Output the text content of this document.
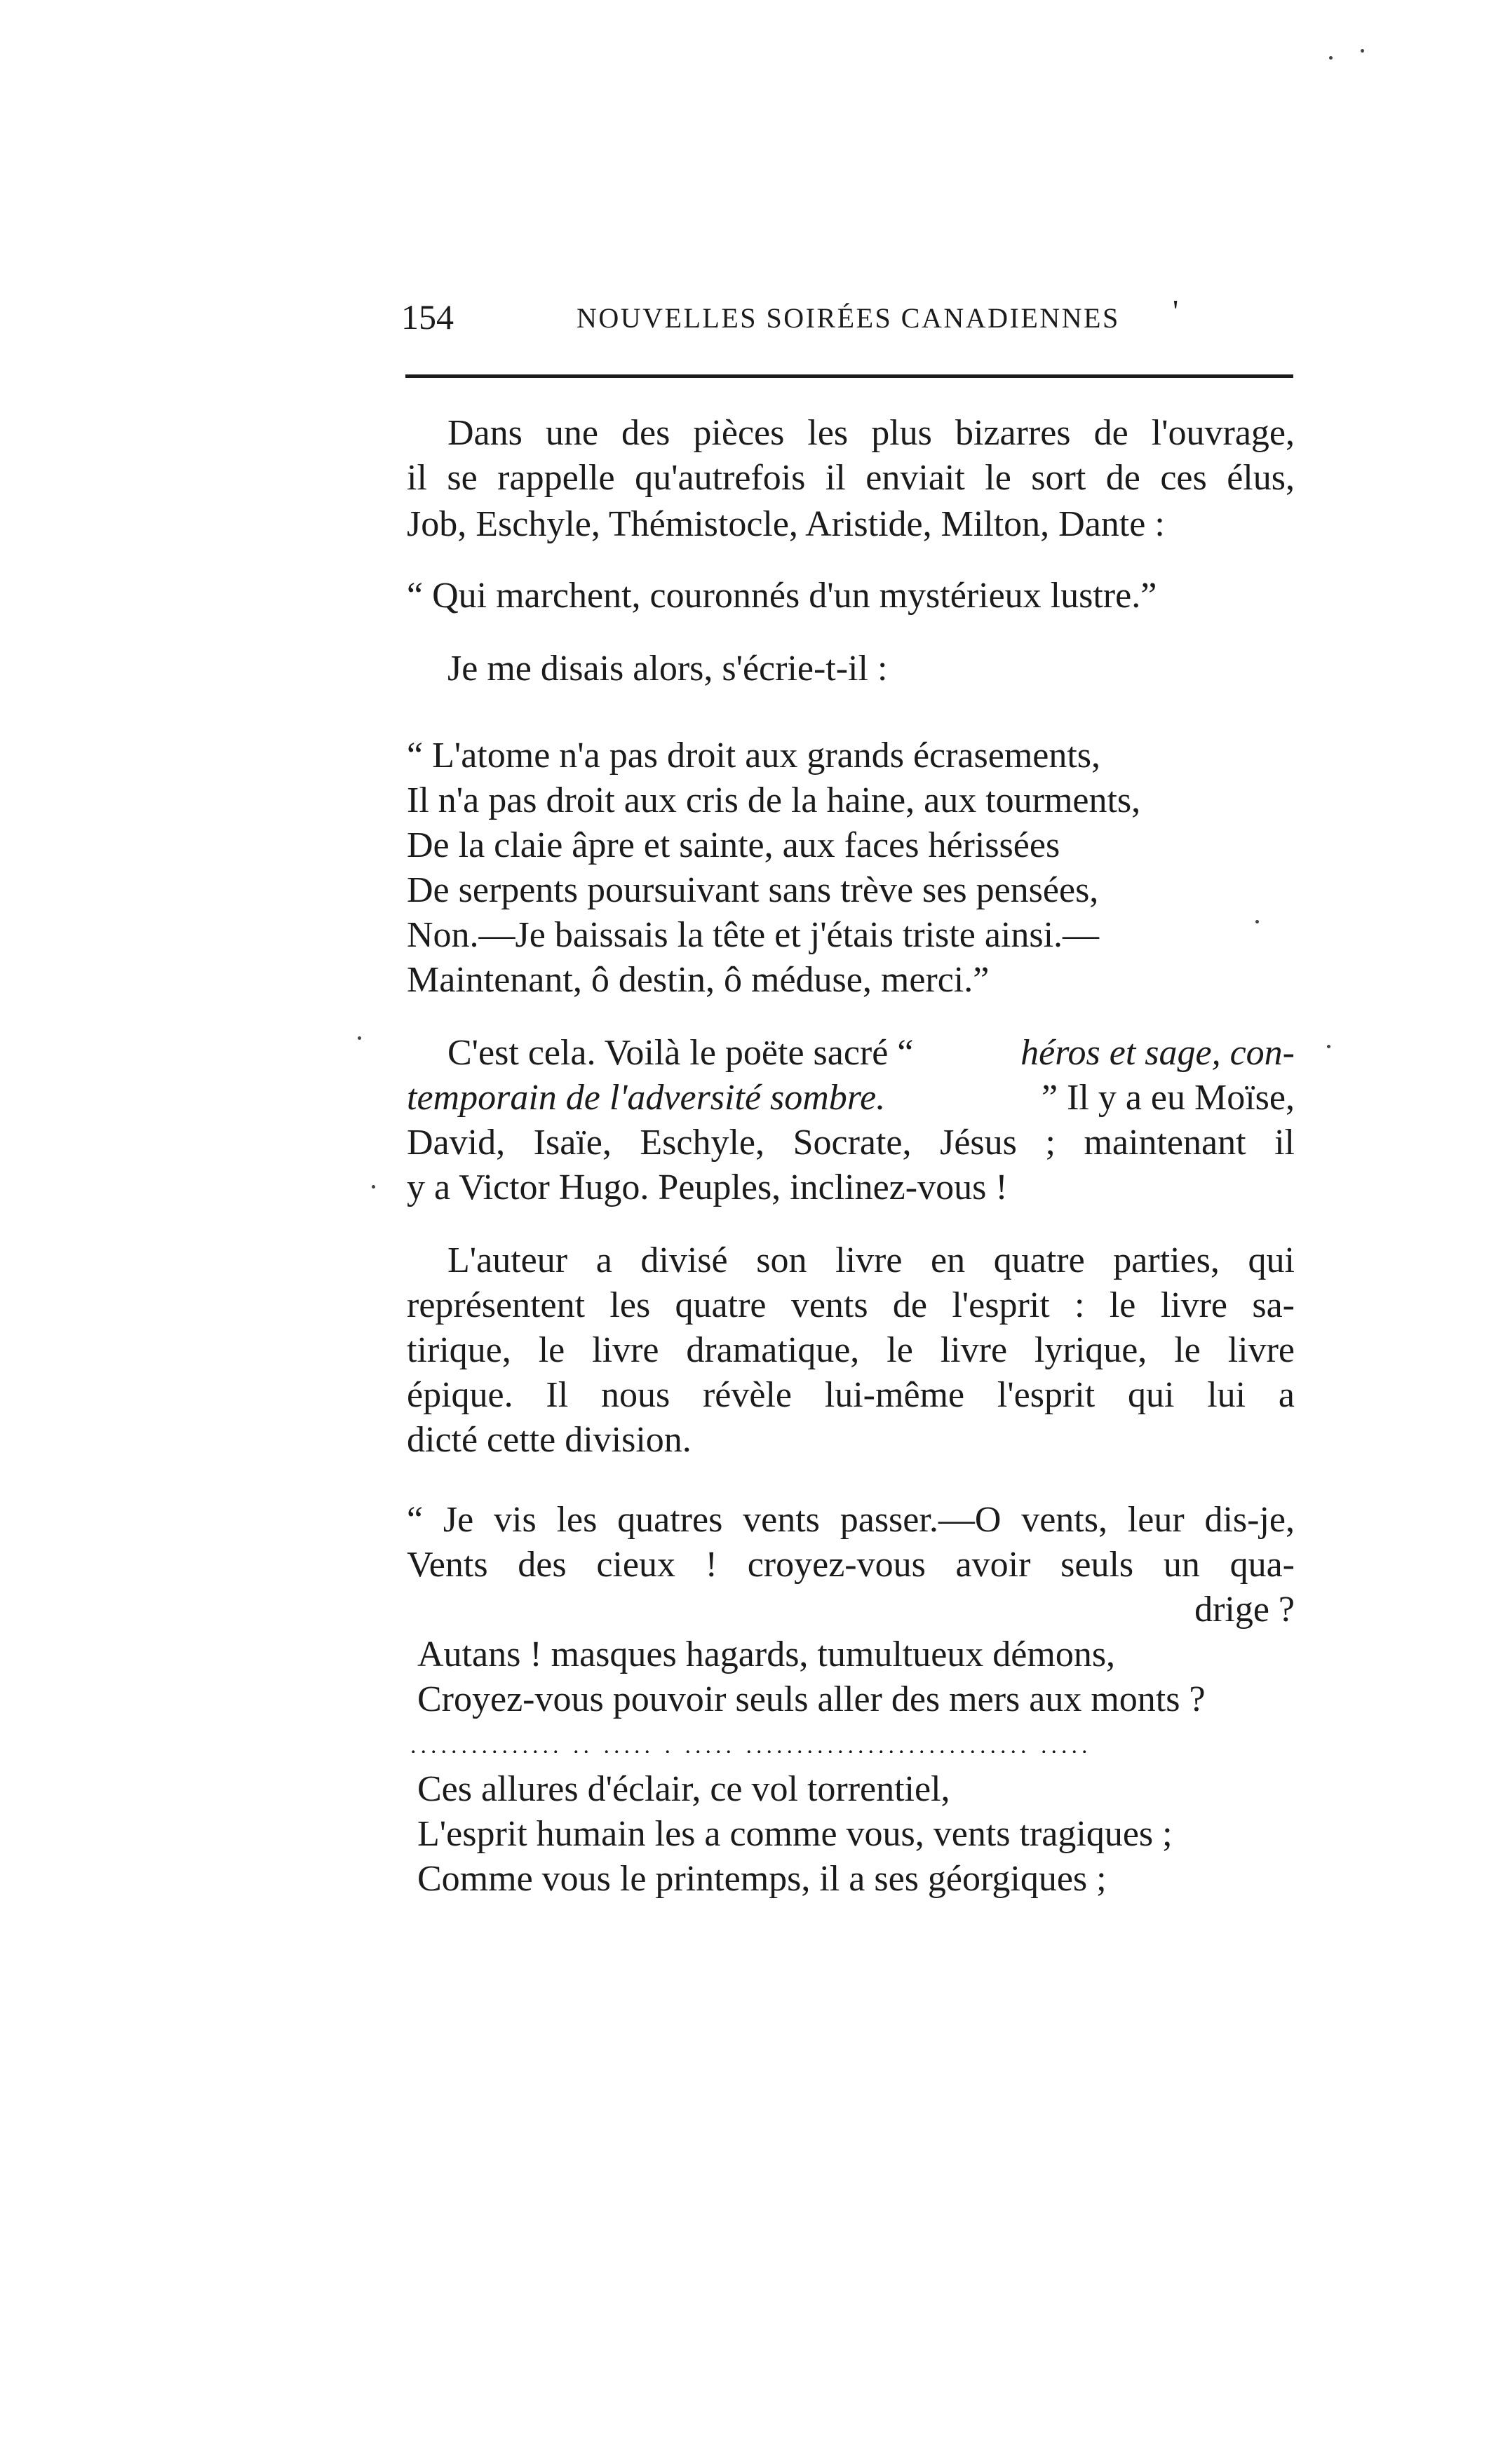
154	NOUVELLES SOIRÉES CANADIENNES '
Dans une des pièces les plus bizarres de l'ouvrage,
il se rappelle qu'autrefois il enviait le sort de ces élus,
Job, Eschyle, Thémistocle, Aristide, Milton, Dante :
“ Qui marchent, couronnés d'un mystérieux lustre.”
Je me disais alors, s'écrie-t-il :
“ L'atome n'a pas droit aux grands écrasements,
Il n'a pas droit aux cris de la haine, aux tourments,
De la claie âpre et sainte, aux faces hérissées
De serpents poursuivant sans trève ses pensées,
Non.—Je baissais la tête et j'étais triste ainsi.—
Maintenant, ô destin, ô méduse, merci.”
C'est cela. Voilà le poëte sacré “	héros et sage, con-
temporain de l'adversité sombre.	” Il y a eu Moïse,
David, Isaïe, Eschyle, Socrate, Jésus ; maintenant il
y a Victor Hugo. Peuples, inclinez-vous !
L'auteur a divisé son livre en quatre parties, qui
représentent les quatre vents de l'esprit : le livre sa-
tirique, le livre dramatique, le livre lyrique, le livre
épique. Il nous révèle lui-même l'esprit qui lui a
dicté cette division.
“ Je vis les quatres vents passer.—O vents, leur dis-je,
Vents des cieux ! croyez-vous avoir seuls un qua-
drige ?
Autans ! masques hagards, tumultueux démons,
Croyez-vous pouvoir seuls aller des mers aux monts ?
............... .. ..... . ..... ............................ .....
Ces allures d'éclair, ce vol torrentiel,
L'esprit humain les a comme vous, vents tragiques ;
Comme vous le printemps, il a ses géorgiques ;
